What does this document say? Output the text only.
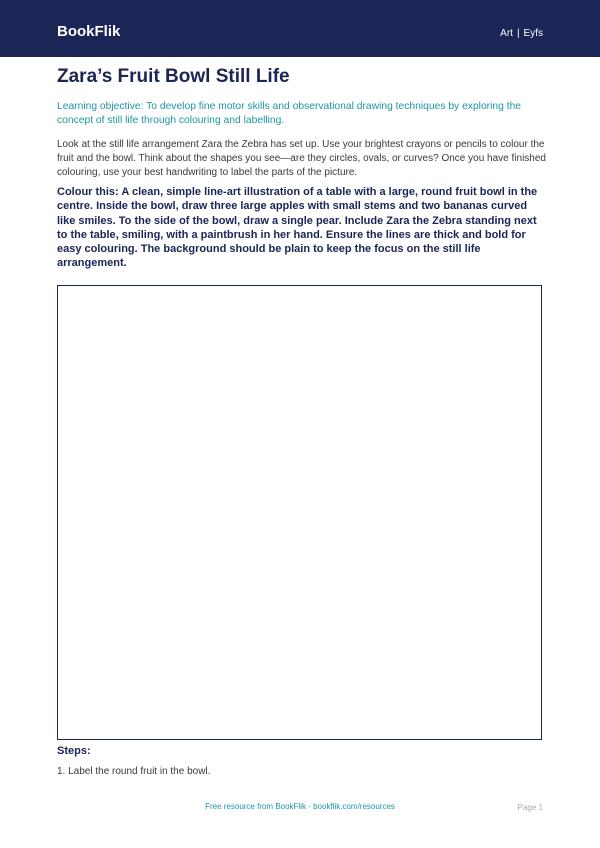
BookFlik	Art | Eyfs
Zara’s Fruit Bowl Still Life

Learning objective: To develop fine motor skills and observational drawing techniques by exploring the concept of still life through colouring and labelling.

Look at the still life arrangement Zara the Zebra has set up. Use your brightest crayons or pencils to colour the fruit and the bowl. Think about the shapes you see—are they circles, ovals, or curves? Once you have finished colouring, use your best handwriting to label the parts of the picture.

Colour this: A clean, simple line-art illustration of a table with a large, round fruit bowl in the centre. Inside the bowl, draw three large apples with small stems and two bananas curved like smiles. To the side of the bowl, draw a single pear. Include Zara the Zebra standing next to the table, smiling, with a paintbrush in her hand. Ensure the lines are thick and bold for easy colouring. The background should be plain to keep the focus on the still life arrangement.

Steps:
1. Label the round fruit in the bowl.
Free resource from BookFlik · bookflik.com/resources	Page 1
